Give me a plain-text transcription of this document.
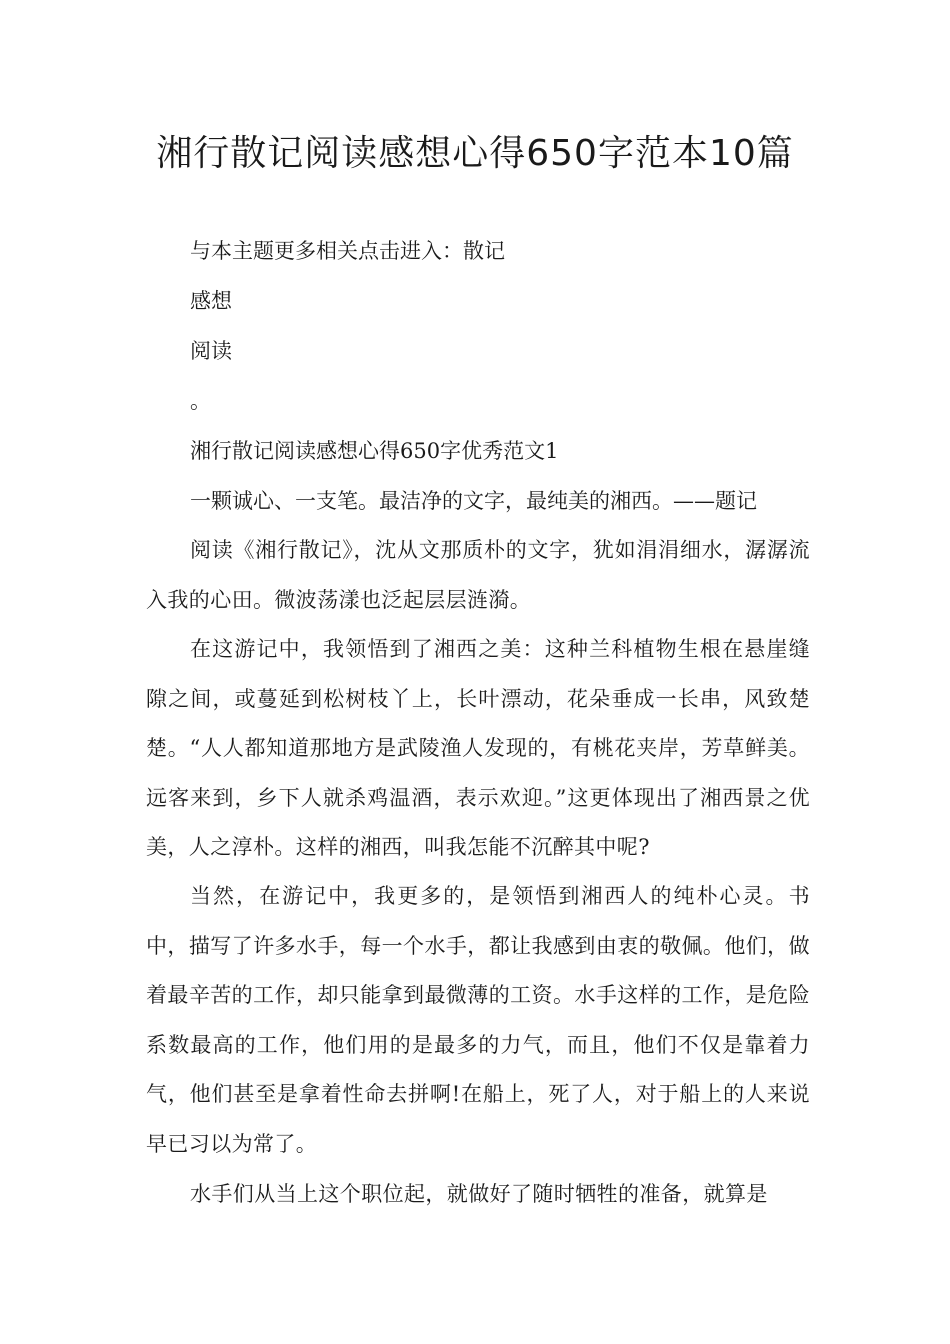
湘行散记阅读感想心得650字范本10篇

与本主题更多相关点击进入：散记

感想

阅读

。

湘行散记阅读感想心得650字优秀范文1

一颗诚心、一支笔。最洁净的文字，最纯美的湘西。——题记

阅读《湘行散记》，沈从文那质朴的文字，犹如涓涓细水，潺潺流入我的心田。微波荡漾也泛起层层涟漪。

在这游记中，我领悟到了湘西之美：这种兰科植物生根在悬崖缝隙之间，或蔓延到松树枝丫上，长叶漂动，花朵垂成一长串，风致楚楚。“人人都知道那地方是武陵渔人发现的，有桃花夹岸，芳草鲜美。远客来到，乡下人就杀鸡温酒，表示欢迎。”这更体现出了湘西景之优美，人之淳朴。这样的湘西，叫我怎能不沉醉其中呢?

当然，在游记中，我更多的，是领悟到湘西人的纯朴心灵。书中，描写了许多水手，每一个水手，都让我感到由衷的敬佩。他们，做着最辛苦的工作，却只能拿到最微薄的工资。水手这样的工作，是危险系数最高的工作，他们用的是最多的力气，而且，他们不仅是靠着力气，他们甚至是拿着性命去拼啊!在船上，死了人，对于船上的人来说早已习以为常了。

水手们从当上这个职位起，就做好了随时牺牲的准备，就算是
